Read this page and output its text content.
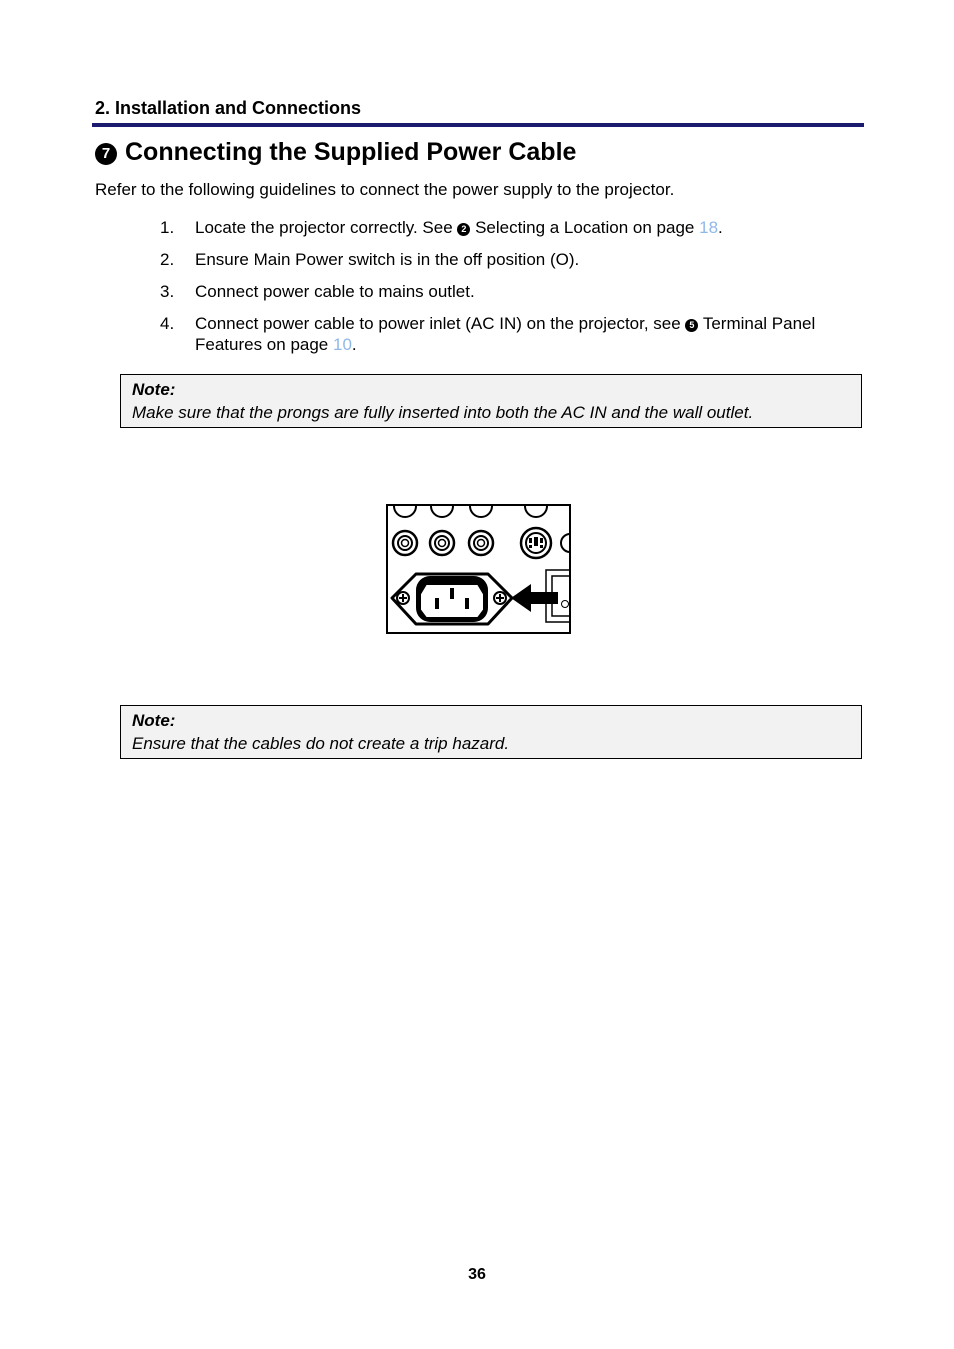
2. Installation and Connections
7 Connecting the Supplied Power Cable
Refer to the following guidelines to connect the power supply to the projector.
1.	Locate the projector correctly. See 2 Selecting a Location on page 18.
2.	Ensure Main Power switch is in the off position (O).
3.	Connect power cable to mains outlet.
4.	Connect power cable to power inlet (AC IN) on the projector, see 5 Terminal Panel Features on page 10.
Note:
Make sure that the prongs are fully inserted into both the AC IN and the wall outlet.
Note:
Ensure that the cables do not create a trip hazard.
36
